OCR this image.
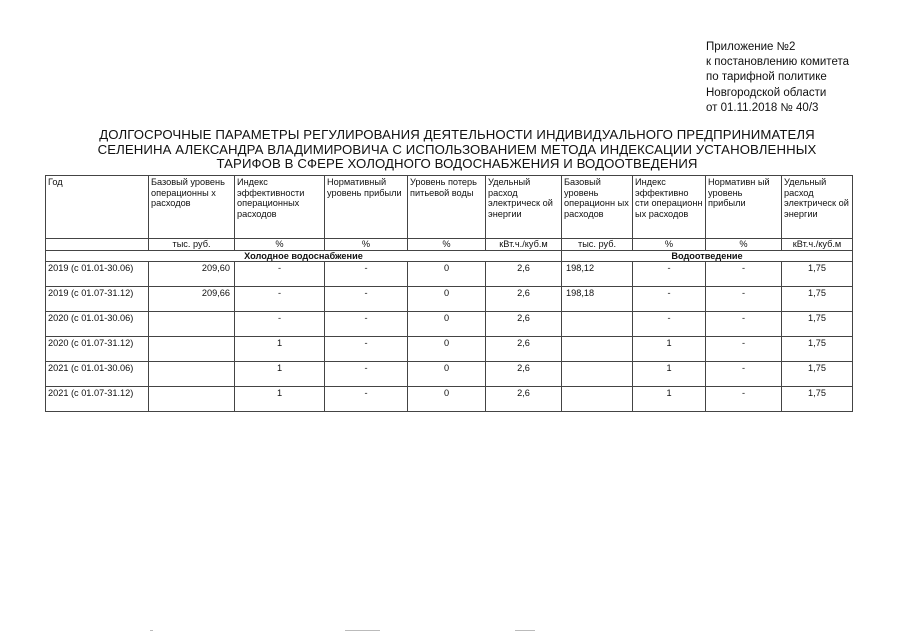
Приложение №2
к постановлению комитета
по тарифной политике
Новгородской области
от 01.11.2018 № 40/3
ДОЛГОСРОЧНЫЕ ПАРАМЕТРЫ РЕГУЛИРОВАНИЯ ДЕЯТЕЛЬНОСТИ ИНДИВИДУАЛЬНОГО ПРЕДПРИНИМАТЕЛЯ
СЕЛЕНИНА АЛЕКСАНДРА ВЛАДИМИРОВИЧА С ИСПОЛЬЗОВАНИЕМ МЕТОДА ИНДЕКСАЦИИ УСТАНОВЛЕННЫХ
ТАРИФОВ В СФЕРЕ ХОЛОДНОГО ВОДОСНАБЖЕНИЯ И ВОДООТВЕДЕНИЯ
Год	Базовый уровень операционны х расходов	Индекс эффективности операционных расходов	Нормативный уровень прибыли	Уровень потерь питьевой воды	Удельный расход электрическ ой энергии	Базовый уровень операционн ых расходов	Индекс эффективно сти операционн ых расходов	Нормативн ый уровень прибыли	Удельный расход электрическ ой энергии
	тыс. руб.	%	%	%	кВт.ч./куб.м	тыс. руб.	%	%	кВт.ч./куб.м
Холодное водоснабжение						Водоотведение			
2019 (с 01.01-30.06)	209,60	-	-	0	2,6	198,12	-	-	1,75
2019 (с 01.07-31.12)	209,66	-	-	0	2,6	198,18	-	-	1,75
2020 (с 01.01-30.06)		-	-	0	2,6		-	-	1,75
2020 (с 01.07-31.12)		1	-	0	2,6		1	-	1,75
2021 (с 01.01-30.06)		1	-	0	2,6		1	-	1,75
2021 (с 01.07-31.12)		1	-	0	2,6		1	-	1,75
